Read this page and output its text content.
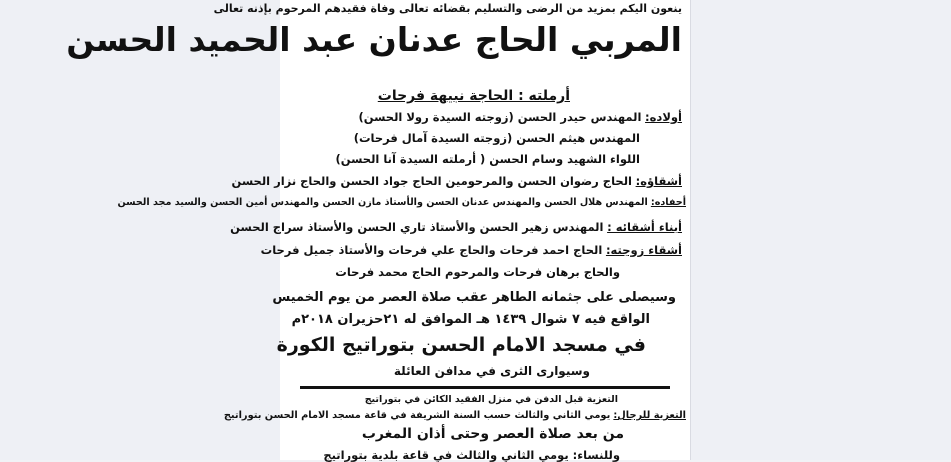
ينعون اليكم بمزيد من الرضى والتسليم بقضائه تعالى وفاة فقيدهم المرحوم بإذنه تعالى
المربي الحاج عدنان عبد الحميد الحسن
أرملته : الحاجة نبيهة فرحات
أولاده: المهندس حيدر الحسن (زوجته السيدة رولا الحسن)
المهندس هيثم الحسن (زوجته السيدة آمال فرحات)
اللواء الشهيد وسام الحسن ( أرملته السيدة آنا الحسن)
أشقاؤه: الحاج رضوان الحسن والمرحومين الحاج جواد الحسن والحاج نزار الحسن
أحفاده: المهندس هلال الحسن والمهندس عدنان الحسن والأستاذ مازن الحسن والمهندس أمين الحسن والسيد مجد الحسن
أبناء أشقائه : المهندس زهير الحسن والأستاذ تاري الحسن والأستاذ سراج الحسن
أشقاء زوجته: الحاج احمد فرحات والحاج علي فرحات والأستاذ جميل فرحات
والحاج برهان فرحات والمرحوم الحاج محمد فرحات
وسيصلى على جثمانه الطاهر عقب صلاة العصر من يوم الخميس
الواقع فيه ٧ شوال ١٤٣٩ هـ الموافق له ٢١حزيران ٢٠١٨م
في مسجد الامام الحسن بتوراتيج الكورة
وسيوارى الثرى في مدافن العائلة
التعزية قبل الدفن في منزل الفقيد الكائن في بتوراتيج
التعزية للرجال: يومي الثاني والثالث حسب السنة الشريفة في قاعة مسجد الامام الحسن بتوراتيج
من بعد صلاة العصر وحتى أذان المغرب
وللنساء: يومي الثاني والثالث في قاعة بلدية بتوراتيج
